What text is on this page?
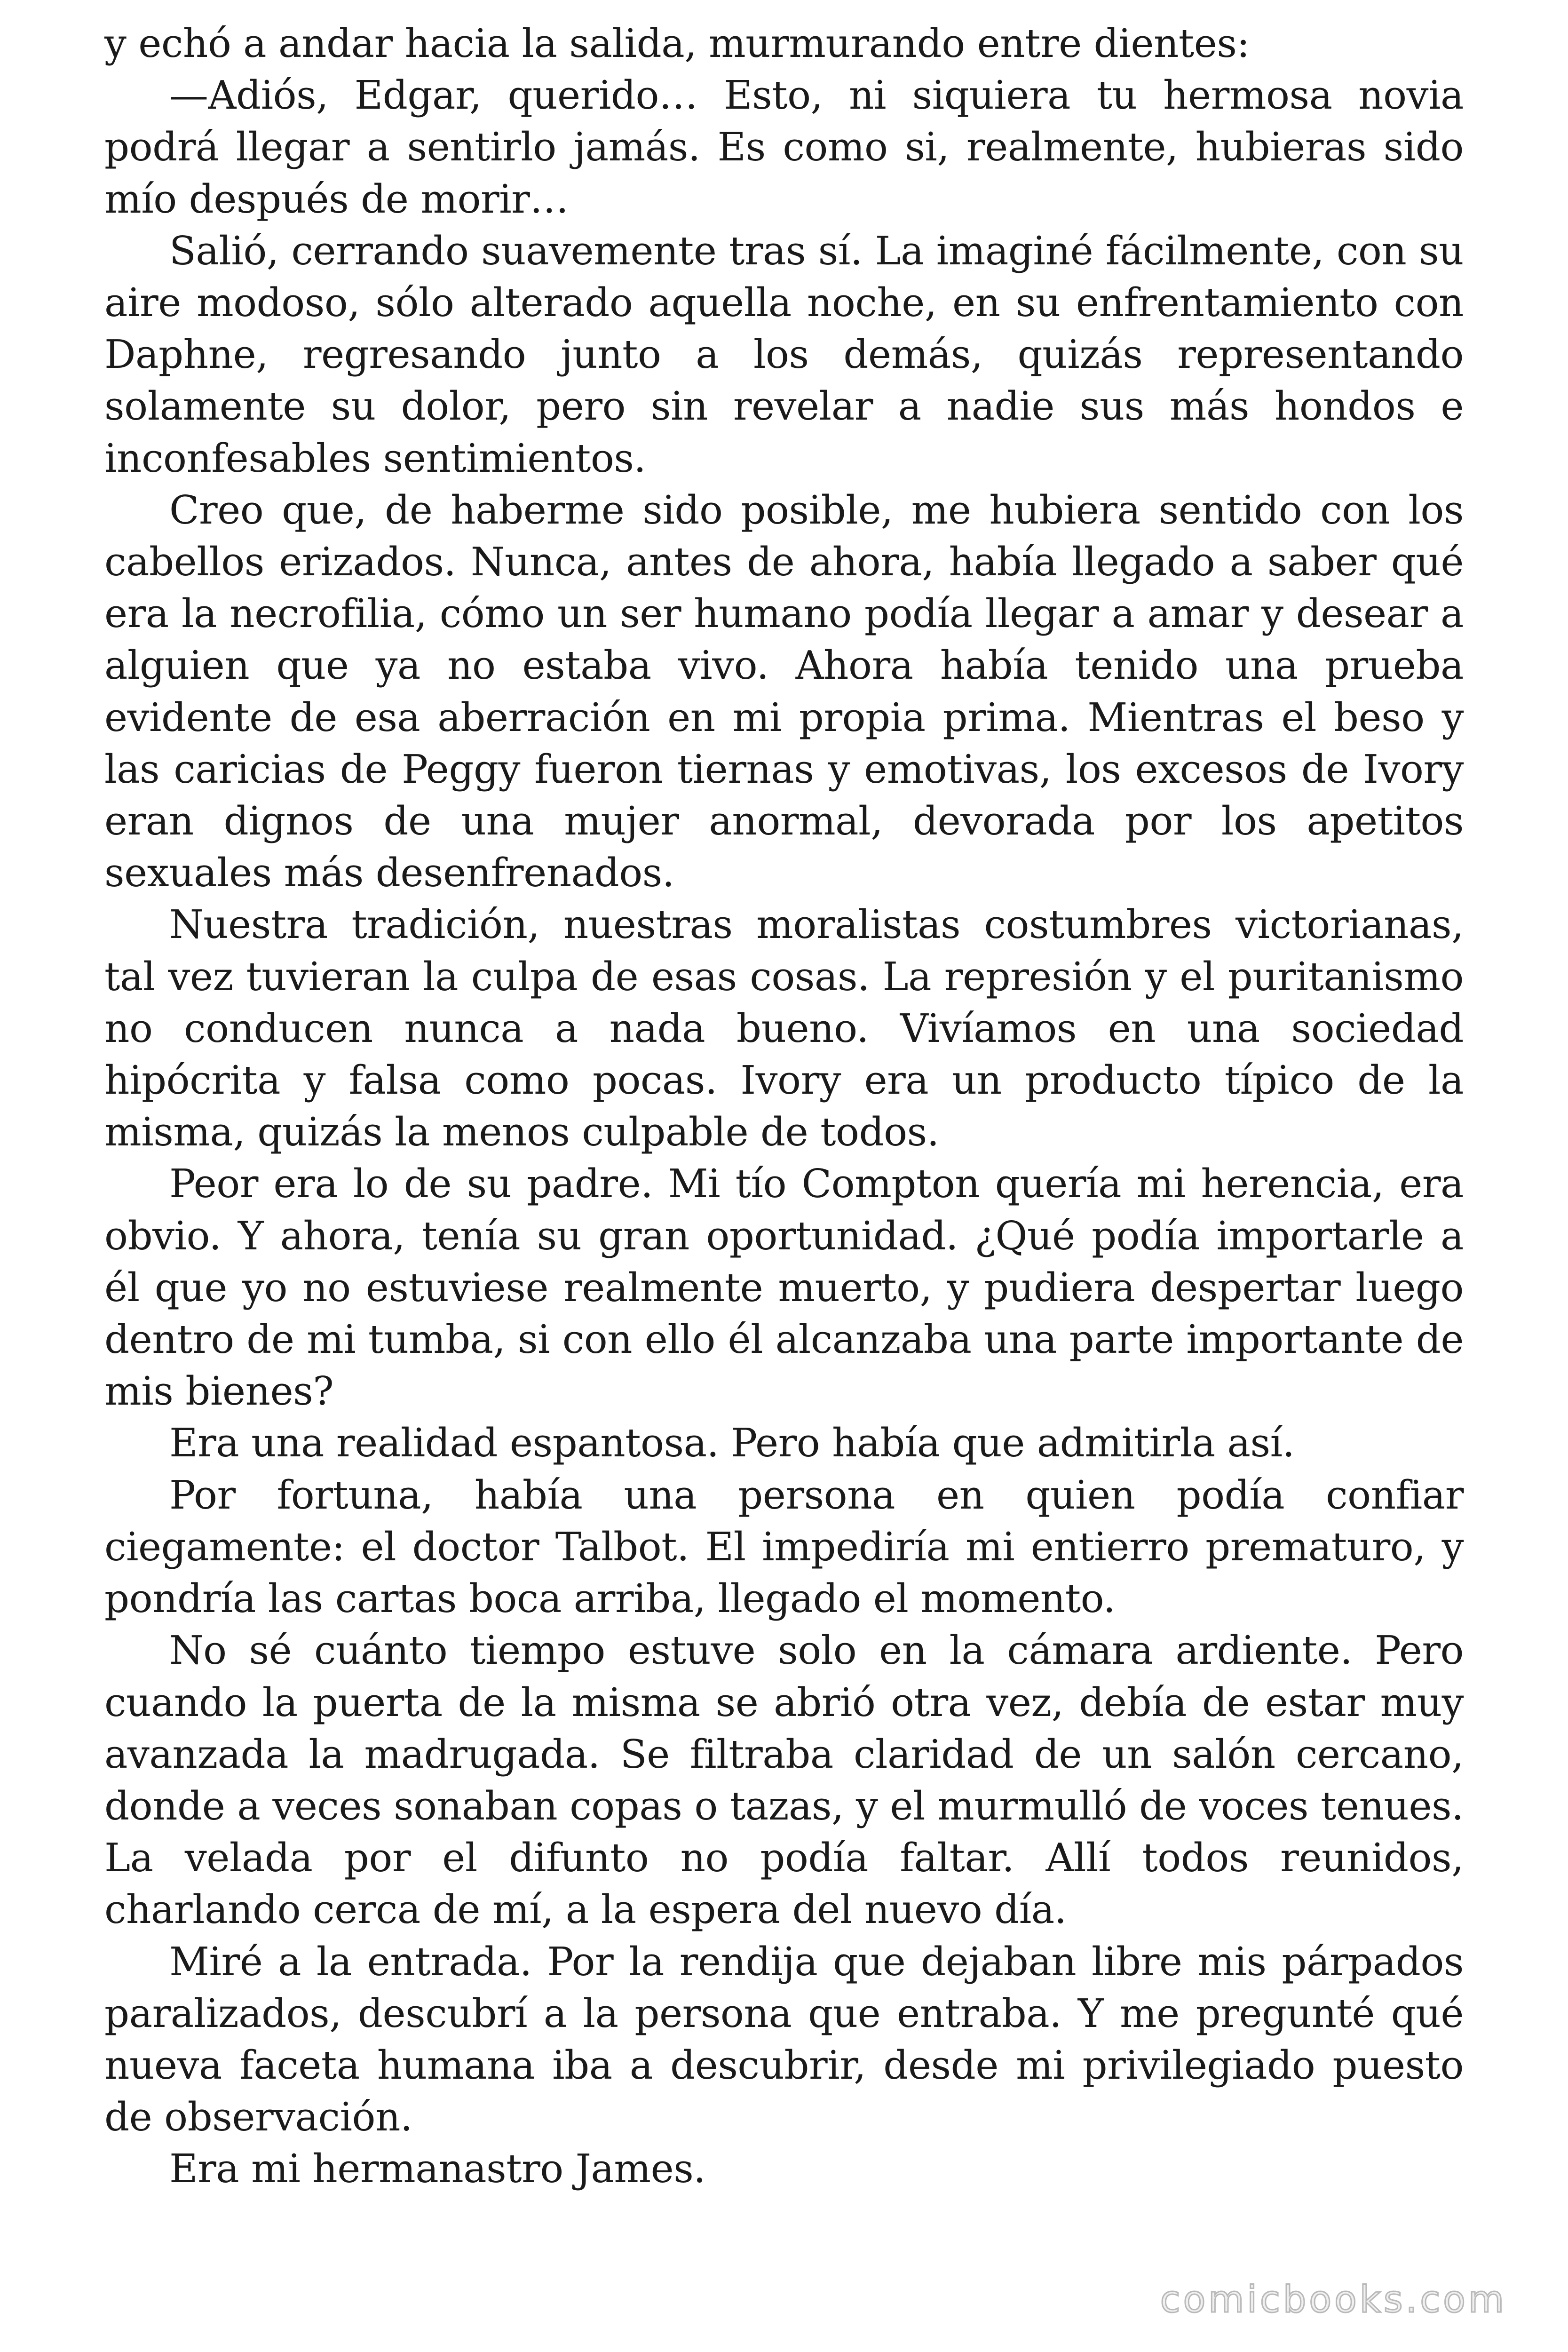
y echó a andar hacia la salida, murmurando entre dientes:

—Adiós, Edgar, querido… Esto, ni siquiera tu hermosa novia podrá llegar a sentirlo jamás. Es como si, realmente, hubieras sido mío después de morir…

Salió, cerrando suavemente tras sí. La imaginé fácilmente, con su aire modoso, sólo alterado aquella noche, en su enfrentamiento con Daphne, regresando junto a los demás, quizás representando solamente su dolor, pero sin revelar a nadie sus más hondos e inconfesables sentimientos.

Creo que, de haberme sido posible, me hubiera sentido con los cabellos erizados. Nunca, antes de ahora, había llegado a saber qué era la necrofilia, cómo un ser humano podía llegar a amar y desear a alguien que ya no estaba vivo. Ahora había tenido una prueba evidente de esa aberración en mi propia prima. Mientras el beso y las caricias de Peggy fueron tiernas y emotivas, los excesos de Ivory eran dignos de una mujer anormal, devorada por los apetitos sexuales más desenfrenados.

Nuestra tradición, nuestras moralistas costumbres victorianas, tal vez tuvieran la culpa de esas cosas. La represión y el puritanismo no conducen nunca a nada bueno. Vivíamos en una sociedad hipócrita y falsa como pocas. Ivory era un producto típico de la misma, quizás la menos culpable de todos.

Peor era lo de su padre. Mi tío Compton quería mi herencia, era obvio. Y ahora, tenía su gran oportunidad. ¿Qué podía importarle a él que yo no estuviese realmente muerto, y pudiera despertar luego dentro de mi tumba, si con ello él alcanzaba una parte importante de mis bienes?

Era una realidad espantosa. Pero había que admitirla así.

Por fortuna, había una persona en quien podía confiar ciegamente: el doctor Talbot. El impediría mi entierro prematuro, y pondría las cartas boca arriba, llegado el momento.

No sé cuánto tiempo estuve solo en la cámara ardiente. Pero cuando la puerta de la misma se abrió otra vez, debía de estar muy avanzada la madrugada. Se filtraba claridad de un salón cercano, donde a veces sonaban copas o tazas, y el murmulló de voces tenues. La velada por el difunto no podía faltar. Allí todos reunidos, charlando cerca de mí, a la espera del nuevo día.

Miré a la entrada. Por la rendija que dejaban libre mis párpados paralizados, descubrí a la persona que entraba. Y me pregunté qué nueva faceta humana iba a descubrir, desde mi privilegiado puesto de observación.

Era mi hermanastro James.

comicbooks.com
